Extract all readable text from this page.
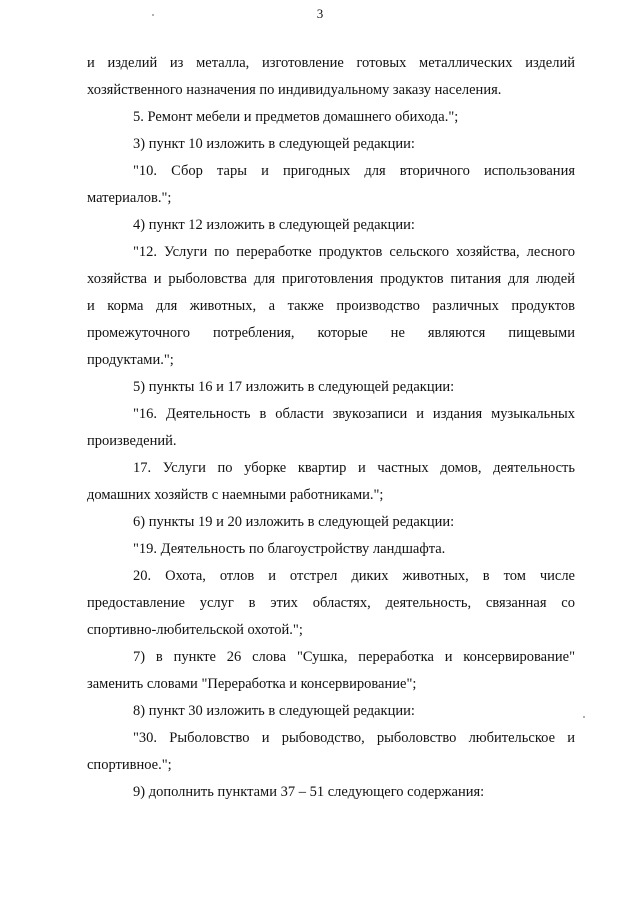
3
и изделий из металла, изготовление готовых металлических изделий
хозяйственного назначения по индивидуальному заказу населения.
5. Ремонт мебели и предметов домашнего обихода.";
3) пункт 10 изложить в следующей редакции:
"10. Сбор тары и пригодных для вторичного использования
материалов.";
4) пункт 12 изложить в следующей редакции:
"12. Услуги по переработке продуктов сельского хозяйства, лесного
хозяйства и рыболовства для приготовления продуктов питания для людей
и корма для животных, а также производство различных продуктов
промежуточного потребления, которые не являются пищевыми
продуктами.";
5) пункты 16 и 17 изложить в следующей редакции:
"16. Деятельность в области звукозаписи и издания музыкальных
произведений.
17. Услуги по уборке квартир и частных домов, деятельность
домашних хозяйств с наемными работниками.";
6) пункты 19 и 20 изложить в следующей редакции:
"19. Деятельность по благоустройству ландшафта.
20. Охота, отлов и отстрел диких животных, в том числе
предоставление услуг в этих областях, деятельность, связанная со
спортивно-любительской охотой.";
7) в пункте 26 слова "Сушка, переработка и консервирование"
заменить словами "Переработка и консервирование";
8) пункт 30 изложить в следующей редакции:
"30. Рыболовство и рыбоводство, рыболовство любительское и
спортивное.";
9) дополнить пунктами 37 – 51 следующего содержания:
